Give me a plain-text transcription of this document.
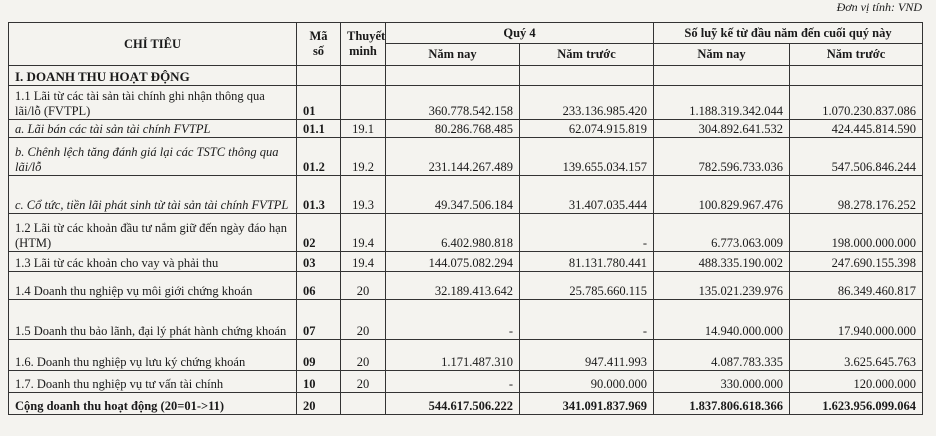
Đơn vị tính: VND
CHỈ TIÊU	Mã số	Thuyết minh	Quý 4		Số luỹ kế từ đầu năm đến cuối quý này	
			Năm nay	Năm trước	Năm nay	Năm trước
I. DOANH THU HOẠT ĐỘNG						
1.1 Lãi từ các tài sản tài chính ghi nhận thông qua lãi/lỗ (FVTPL)	01		360.778.542.158	233.136.985.420	1.188.319.342.044	1.070.230.837.086
a. Lãi bán các tài sản tài chính FVTPL	01.1	19.1	80.286.768.485	62.074.915.819	304.892.641.532	424.445.814.590
b. Chênh lệch tăng đánh giá lại các TSTC thông qua lãi/lỗ	01.2	19.2	231.144.267.489	139.655.034.157	782.596.733.036	547.506.846.244
c. Cổ tức, tiền lãi phát sinh từ tài sản tài chính FVTPL	01.3	19.3	49.347.506.184	31.407.035.444	100.829.967.476	98.278.176.252
1.2 Lãi từ các khoản đầu tư nắm giữ đến ngày đáo hạn (HTM)	02	19.4	6.402.980.818	-	6.773.063.009	198.000.000.000
1.3 Lãi từ các khoản cho vay và phải thu	03	19.4	144.075.082.294	81.131.780.441	488.335.190.002	247.690.155.398
1.4 Doanh thu nghiệp vụ môi giới chứng khoán	06	20	32.189.413.642	25.785.660.115	135.021.239.976	86.349.460.817
1.5 Doanh thu bảo lãnh, đại lý phát hành chứng khoán	07	20	-	-	14.940.000.000	17.940.000.000
1.6. Doanh thu nghiệp vụ lưu ký chứng khoán	09	20	1.171.487.310	947.411.993	4.087.783.335	3.625.645.763
1.7. Doanh thu nghiệp vụ tư vấn tài chính	10	20	-	90.000.000	330.000.000	120.000.000
Cộng doanh thu hoạt động (20=01->11)	20		544.617.506.222	341.091.837.969	1.837.806.618.366	1.623.956.099.064
